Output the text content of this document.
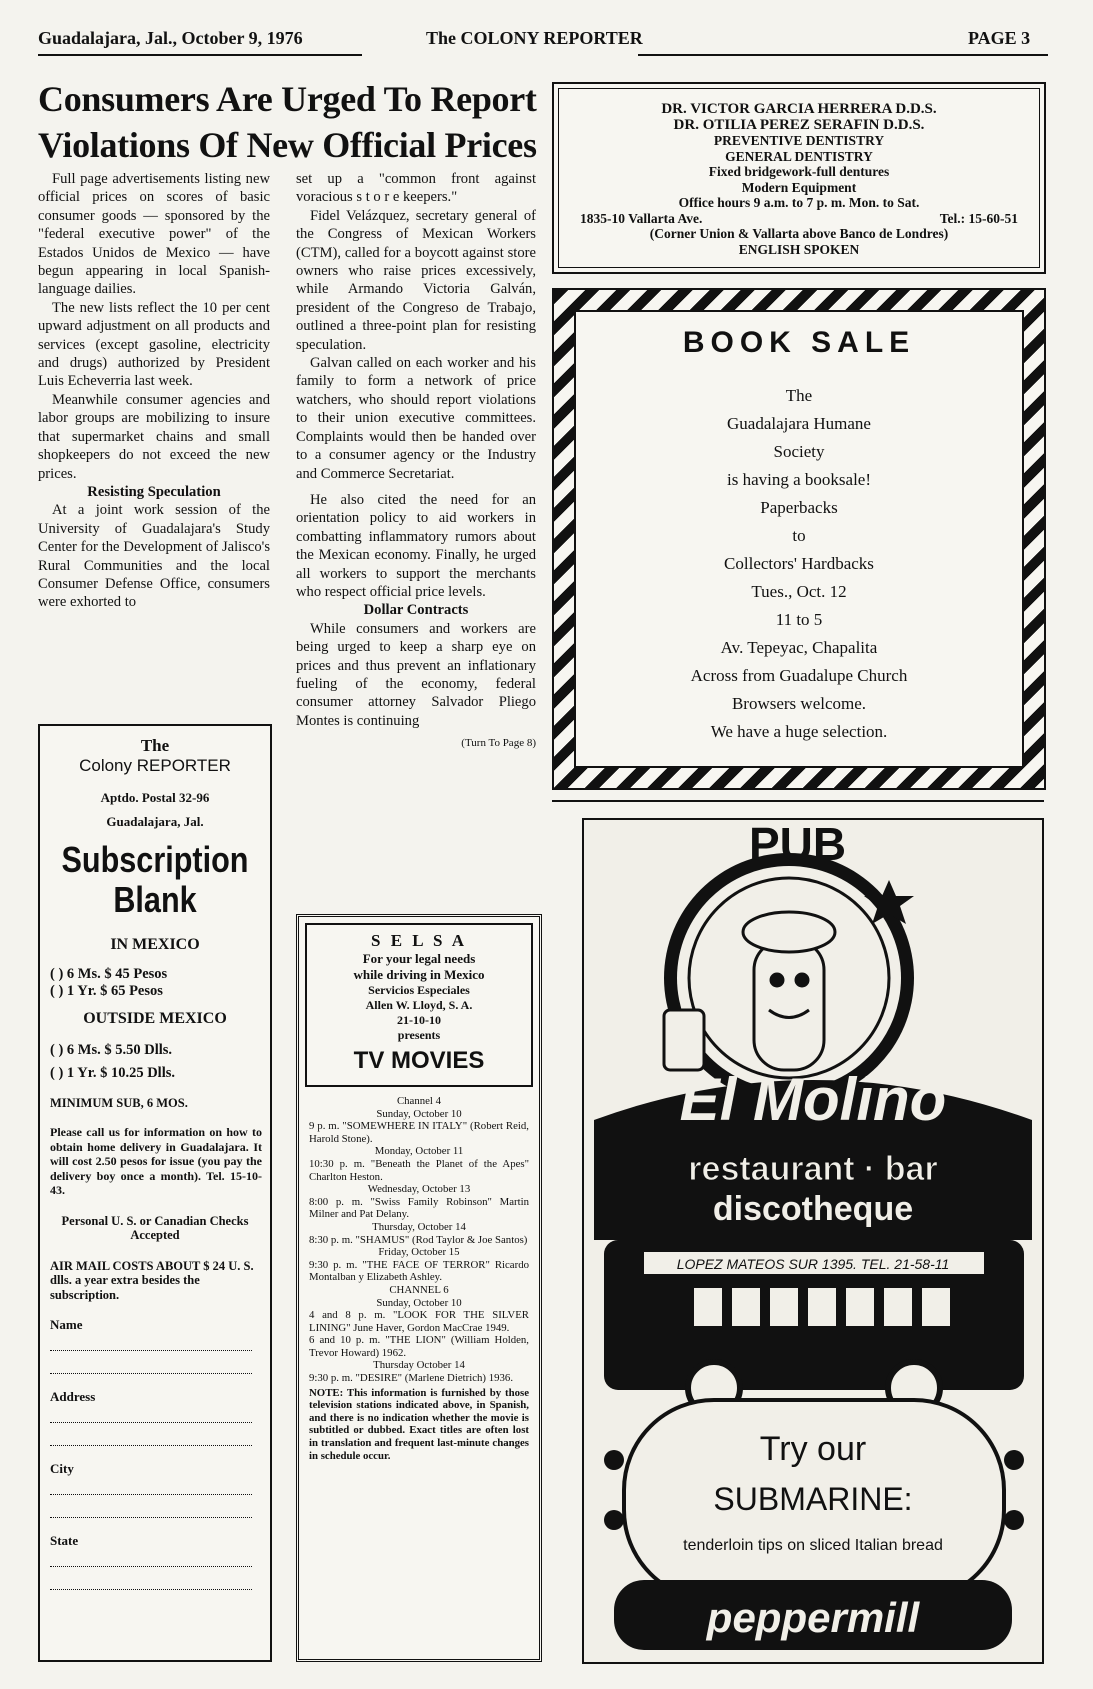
Guadalajara, Jal., October 9, 1976	The COLONY REPORTER	PAGE 3
Consumers Are Urged To Report Violations Of New Official Prices

Full page advertisements listing new official prices on scores of basic consumer goods — sponsored by the "federal executive power" of the Estados Unidos de Mexico — have begun appearing in local Spanish-language dailies.

The new lists reflect the 10 per cent upward adjustment on all products and services (except gasoline, electricity and drugs) authorized by President Luis Echeverria last week.

Meanwhile consumer agencies and labor groups are mobilizing to insure that supermarket chains and small shopkeepers do not exceed the new prices.

Resisting Speculation

At a joint work session of the University of Guadalajara's Study Center for the Development of Jalisco's Rural Communities and the local Consumer Defense Office, consumers were exhorted to

set up a "common front against voracious s t o r e keepers."

Fidel Velázquez, secretary general of the Congress of Mexican Workers (CTM), called for a boycott against store owners who raise prices excessively, while Armando Victoria Galván, president of the Congreso de Trabajo, outlined a three-point plan for resisting speculation.

Galvan called on each worker and his family to form a network of price watchers, who should report violations to their union executive committees. Complaints would then be handed over to a consumer agency or the Industry and Commerce Secretariat.

He also cited the need for an orientation policy to aid workers in combatting inflammatory rumors about the Mexican economy. Finally, he urged all workers to support the merchants who respect official price levels.

Dollar Contracts

While consumers and workers are being urged to keep a sharp eye on prices and thus prevent an inflationary fueling of the economy, federal consumer attorney Salvador Pliego Montes is continuing

(Turn To Page 8)

DR. VICTOR GARCIA HERRERA D.D.S.
DR. OTILIA PEREZ SERAFIN D.D.S.
PREVENTIVE DENTISTRY
GENERAL DENTISTRY
Fixed bridgework-full dentures
Modern Equipment
Office hours 9 a.m. to 7 p. m. Mon. to Sat.
1835-10 Vallarta Ave.	Tel.: 15-60-51
(Corner Union & Vallarta above Banco de Londres)
ENGLISH SPOKEN
BOOK SALE
The
Guadalajara Humane
Society
is having a booksale!
Paperbacks
to
Collectors' Hardbacks
Tues., Oct. 12
11 to 5
Av. Tepeyac, Chapalita
Across from Guadalupe Church
Browsers welcome.
We have a huge selection.
The
Colony REPORTER
Aptdo. Postal 32-96
Guadalajara, Jal.
Subscription
Blank
IN MEXICO
( ) 6 Ms. $ 45 Pesos
( ) 1 Yr. $ 65 Pesos
OUTSIDE MEXICO
( ) 6 Ms. $ 5.50 Dlls.
( ) 1 Yr. $ 10.25 Dlls.
MINIMUM SUB, 6 MOS.
Please call us for information on how to obtain home delivery in Guadalajara. It will cost 2.50 pesos for issue (you pay the delivery boy once a month). Tel. 15-10-43.
Personal U. S. or Canadian Checks Accepted
AIR MAIL COSTS ABOUT $ 24 U. S. dlls. a year extra besides the subscription.
Name
Address
City
State
S E L S A
For your legal needs
while driving in Mexico
Servicios Especiales
Allen W. Lloyd, S. A.
21-10-10
presents
TV MOVIES
Channel 4
Sunday, October 10
9 p. m. "SOMEWHERE IN ITALY" (Robert Reid, Harold Stone).
Monday, October 11
10:30 p. m. "Beneath the Planet of the Apes" Charlton Heston.
Wednesday, October 13
8:00 p. m. "Swiss Family Robinson" Martin Milner and Pat Delany.
Thursday, October 14
8:30 p. m. "SHAMUS" (Rod Taylor & Joe Santos)
Friday, October 15
9:30 p. m. "THE FACE OF TERROR" Ricardo Montalban y Elizabeth Ashley.
CHANNEL 6
Sunday, October 10
4 and 8 p. m. "LOOK FOR THE SILVER LINING" June Haver, Gordon MacCrae 1949.
6 and 10 p. m. "THE LION" (William Holden, Trevor Howard) 1962.
Thursday October 14
9:30 p. m. "DESIRE" (Marlene Dietrich) 1936.
NOTE: This information is furnished by those television stations indicated above, in Spanish, and there is no indication whether the movie is subtitled or dubbed. Exact titles are often lost in translation and frequent last-minute changes in schedule occur.
PUB
El Molino
restaurant · bar
discotheque
LOPEZ MATEOS SUR 1395. TEL. 21-58-11
Try our
SUBMARINE:
tenderloin tips on sliced Italian bread
peppermill
